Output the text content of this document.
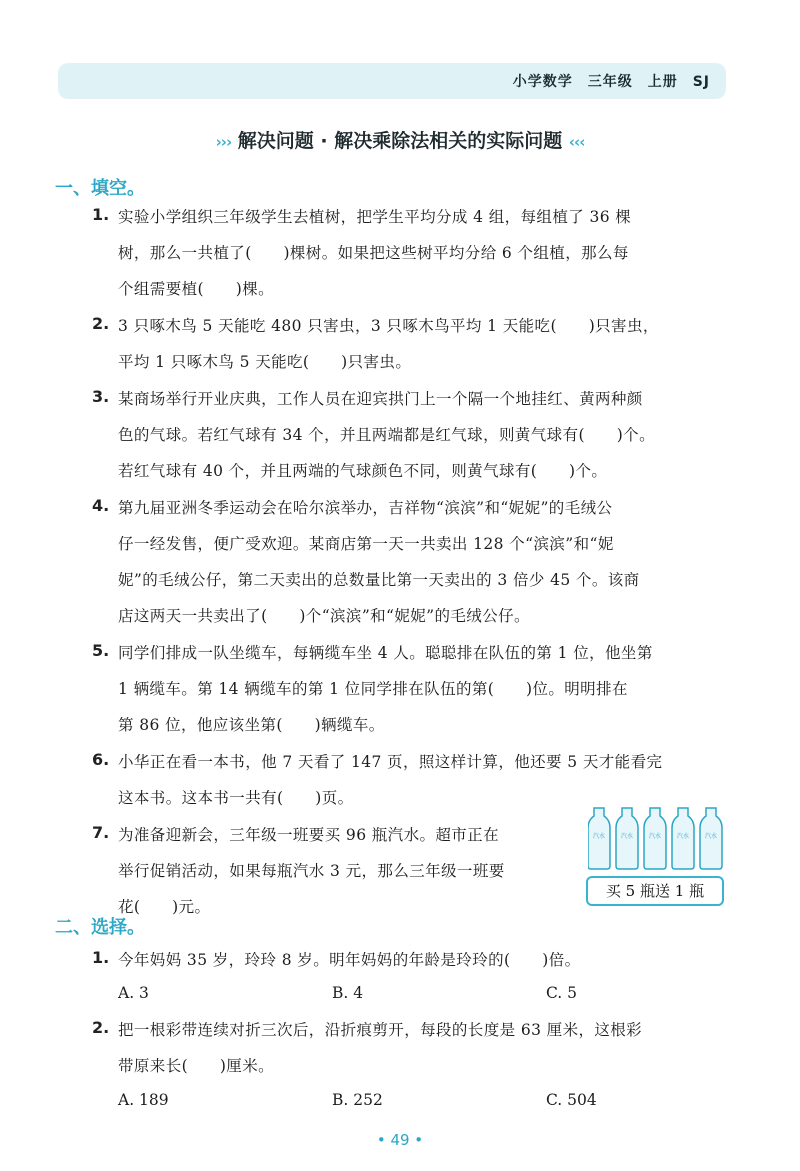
小学数学　三年级　上册　SJ
››› 解决问题 · 解决乘除法相关的实际问题 ‹‹‹
一、填空。
1. 实验小学组织三年级学生去植树，把学生平均分成 4 组，每组植了 36 棵
树，那么一共植了(　　)棵树。如果把这些树平均分给 6 个组植，那么每
个组需要植(　　)棵。
2. 3 只啄木鸟 5 天能吃 480 只害虫，3 只啄木鸟平均 1 天能吃(　　)只害虫，
平均 1 只啄木鸟 5 天能吃(　　)只害虫。
3. 某商场举行开业庆典，工作人员在迎宾拱门上一个隔一个地挂红、黄两种颜
色的气球。若红气球有 34 个，并且两端都是红气球，则黄气球有(　　)个。
若红气球有 40 个，并且两端的气球颜色不同，则黄气球有(　　)个。
4. 第九届亚洲冬季运动会在哈尔滨举办，吉祥物“滨滨”和“妮妮”的毛绒公
仔一经发售，便广受欢迎。某商店第一天一共卖出 128 个“滨滨”和“妮
妮”的毛绒公仔，第二天卖出的总数量比第一天卖出的 3 倍少 45 个。该商
店这两天一共卖出了(　　)个“滨滨”和“妮妮”的毛绒公仔。
5. 同学们排成一队坐缆车，每辆缆车坐 4 人。聪聪排在队伍的第 1 位，他坐第
1 辆缆车。第 14 辆缆车的第 1 位同学排在队伍的第(　　)位。明明排在
第 86 位，他应该坐第(　　)辆缆车。
6. 小华正在看一本书，他 7 天看了 147 页，照这样计算，他还要 5 天才能看完
这本书。这本书一共有(　　)页。
7. 为准备迎新会，三年级一班要买 96 瓶汽水。超市正在
举行促销活动，如果每瓶汽水 3 元，那么三年级一班要
花(　　)元。
汽水	汽水	汽水	汽水	汽水
买 5 瓶送 1 瓶
二、选择。
1. 今年妈妈 35 岁，玲玲 8 岁。明年妈妈的年龄是玲玲的(　　)倍。
A. 3	B. 4	C. 5
2. 把一根彩带连续对折三次后，沿折痕剪开，每段的长度是 63 厘米，这根彩
带原来长(　　)厘米。
A. 189	B. 252	C. 504
• 49 •
